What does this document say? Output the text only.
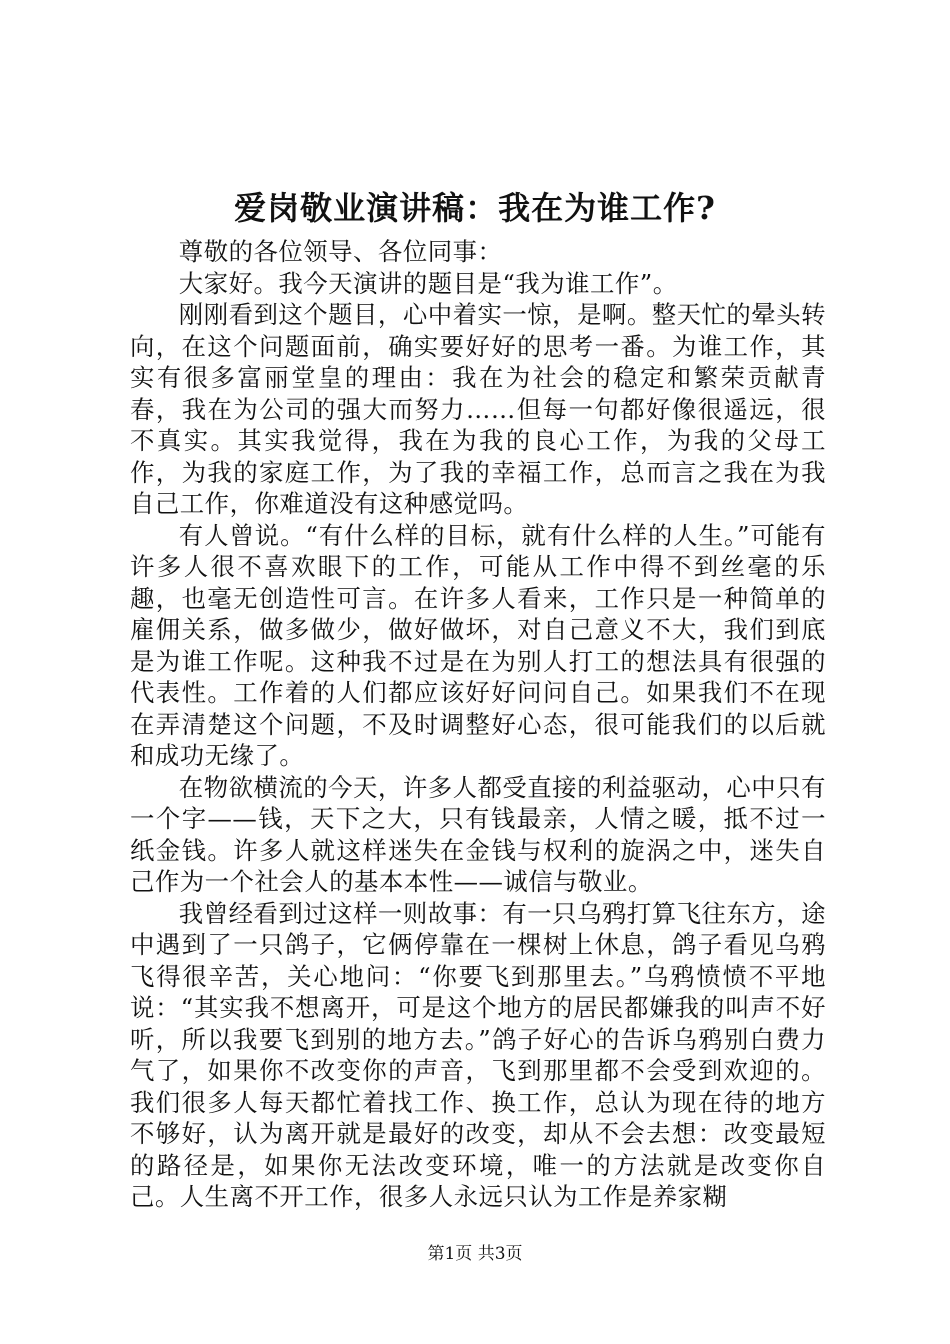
爱岗敬业演讲稿：我在为谁工作?

尊敬的各位领导、各位同事：

大家好。我今天演讲的题目是“我为谁工作”。

刚刚看到这个题目，心中着实一惊，是啊。整天忙的晕头转向，在这个问题面前，确实要好好的思考一番。为谁工作，其实有很多富丽堂皇的理由：我在为社会的稳定和繁荣贡献青春，我在为公司的强大而努力……但每一句都好像很遥远，很不真实。其实我觉得，我在为我的良心工作，为我的父母工作，为我的家庭工作，为了我的幸福工作，总而言之我在为我自己工作，你难道没有这种感觉吗。

有人曾说。“有什么样的目标，就有什么样的人生。”可能有许多人很不喜欢眼下的工作，可能从工作中得不到丝毫的乐趣，也毫无创造性可言。在许多人看来，工作只是一种简单的雇佣关系，做多做少，做好做坏，对自己意义不大，我们到底是为谁工作呢。这种我不过是在为别人打工的想法具有很强的代表性。工作着的人们都应该好好问问自己。如果我们不在现在弄清楚这个问题，不及时调整好心态，很可能我们的以后就和成功无缘了。

在物欲横流的今天，许多人都受直接的利益驱动，心中只有一个字——钱，天下之大，只有钱最亲，人情之暖，抵不过一纸金钱。许多人就这样迷失在金钱与权利的旋涡之中，迷失自己作为一个社会人的基本本性——诚信与敬业。

我曾经看到过这样一则故事：有一只乌鸦打算飞往东方，途中遇到了一只鸽子，它俩停靠在一棵树上休息，鸽子看见乌鸦飞得很辛苦，关心地问：“你要飞到那里去。”乌鸦愤愤不平地说：“其实我不想离开，可是这个地方的居民都嫌我的叫声不好听，所以我要飞到别的地方去。”鸽子好心的告诉乌鸦别白费力气了，如果你不改变你的声音，飞到那里都不会受到欢迎的。我们很多人每天都忙着找工作、换工作，总认为现在待的地方不够好，认为离开就是最好的改变，却从不会去想：改变最短的路径是，如果你无法改变环境，唯一的方法就是改变你自己。人生离不开工作，很多人永远只认为工作是养家糊

第1页 共3页
